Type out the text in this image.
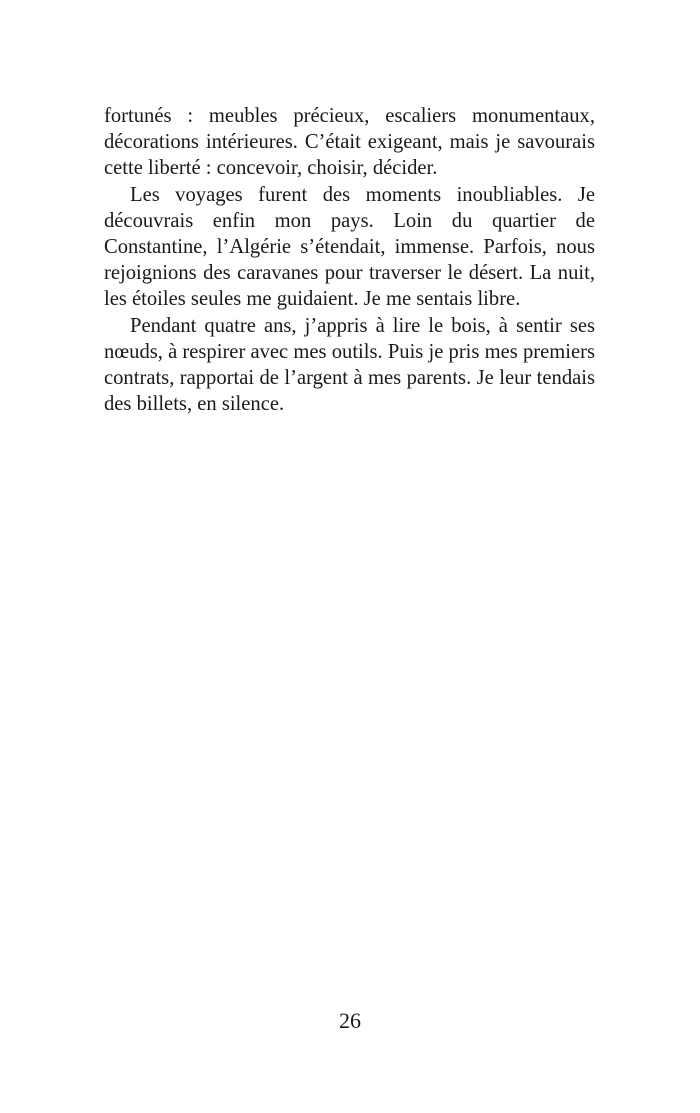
fortunés : meubles précieux, escaliers monumentaux,
décorations intérieures. C’était exigeant, mais je savourais
cette liberté : concevoir, choisir, décider.
Les voyages furent des moments inoubliables. Je
découvrais enfin mon pays. Loin du quartier de
Constantine, l’Algérie s’étendait, immense. Parfois, nous
rejoignions des caravanes pour traverser le désert. La nuit,
les étoiles seules me guidaient. Je me sentais libre.
Pendant quatre ans, j’appris à lire le bois, à sentir ses
nœuds, à respirer avec mes outils. Puis je pris mes premiers
contrats, rapportai de l’argent à mes parents. Je leur tendais
des billets, en silence.
26
